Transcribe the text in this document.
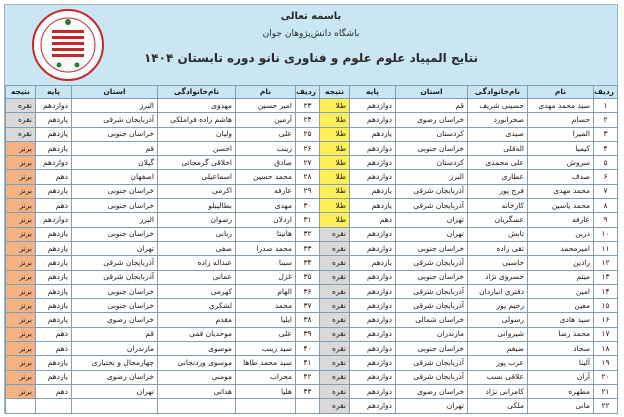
باسمه تعالی
باشگاه دانش‌پژوهان جوان
نتایج المپیاد علوم علوم و فناوری نانو دوره تابستان ۱۴۰۴
ردیف	نام	نام‌خانوادگی	استان	پایه	نتیجه
۱	سید محمد مهدی	حسینی شریف	قم	دوازدهم	طلا
۲	حسام	صحرانورد	خراسان رضوی	دوازدهم	طلا
۳	المیرا	صیدی	کردستان	یازدهم	طلا
۴	کیمیا	اله‌قلی	خراسان جنوبی	دوازدهم	طلا
۵	سروش	علی محمدی	کردستان	دوازدهم	طلا
۶	صدف	عطاری	البرز	دوازدهم	طلا
۷	محمد مهدی	فرج پور	آذربایجان شرقی	یازدهم	طلا
۸	محمد یاسین	کارخانه	آذربایجان شرقی	یازدهم	طلا
۹	عارفه	عسگریان	تهران	دهم	طلا
۱۰	درین	تابش	تهران	دوازدهم	نقره
۱۱	امیرمحمد	تقی زاده	خراسان جنوبی	دوازدهم	نقره
۱۲	رادین	حاسبی	آذربایجان شرقی	یازدهم	نقره
۱۳	میثم	خسروی نژاد	خراسان جنوبی	دوازدهم	نقره
۱۴	امین	دفتری انباردان	آذربایجان شرقی	دوازدهم	نقره
۱۵	معین	رحیم پور	آذربایجان شرقی	دوازدهم	نقره
۱۶	سید هادی	رسولی	خراسان شمالی	دوازدهم	نقره
۱۷	محمد رضا	شیروانی	مازندران	دوازدهم	نقره
۱۸	سجاد	ضیغم	خراسان جنوبی	دوازدهم	نقره
۱۹	آلینا	عرب پور	آذربایجان شرقی	دوازدهم	نقره
۲۰	آران	علاقی نسب	آذربایجان شرقی	دوازدهم	نقره
۲۱	مطهره	کامرانی نژاد	خراسان رضوی	دوازدهم	نقره
۲۲	مانی	ملکی	تهران	دوازدهم	نقره
ردیف	نام	نام‌خانوادگی	استان	پایه	نتیجه
۲۳	امیر حسین	مهدوی	البرز	دوازدهم	نقره
۲۴	آرمین	هاشم زاده فراملکی	آذربایجان شرقی	یازدهم	نقره
۲۵	علی	ولیان	خراسان جنوبی	یازدهم	نقره
۲۶	زینب	احسن	قم	یازدهم	برنز
۲۷	صادق	اخلاقی گرمجانی	گیلان	دوازدهم	برنز
۲۸	محمد حسین	اسماعیلی	اصفهان	دهم	برنز
۲۹	عارفه	اکرمی	خراسان جنوبی	یازدهم	برنز
۳۰	مهدی	بطالیبلو	خراسان جنوبی	دهم	برنز
۳۱	اردلان	رضوان	البرز	دوازدهم	برنز
۳۲	هانیتا	ربانی	خراسان جنوبی	یازدهم	برنز
۳۳	محمد صدرا	صفی	تهران	یازدهم	برنز
۳۴	سینا	عبداله زاده	آذربایجان شرقی	یازدهم	برنز
۳۵	غزل	عمانی	آذربایجان شرقی	یازدهم	برنز
۳۶	الهام	کهرمی	خراسان جنوبی	یازدهم	برنز
۳۷	محمد	لشکری	خراسان جنوبی	یازدهم	برنز
۳۸	ایلیا	مقدم	خراسان رضوی	یازدهم	برنز
۳۹	علی	موحدیان قمی	قم	دهم	برنز
۴۰	سید زینب	موسوی	مازندران	دهم	برنز
۴۱	سید محمد طاها	موسوی وردنجانی	چهارمحال و بختیاری	یازدهم	برنز
۴۲	محراب	مومنی	خراسان رضوی	یازدهم	برنز
۴۳	هلیا	هداتی	تهران	دهم	برنز
